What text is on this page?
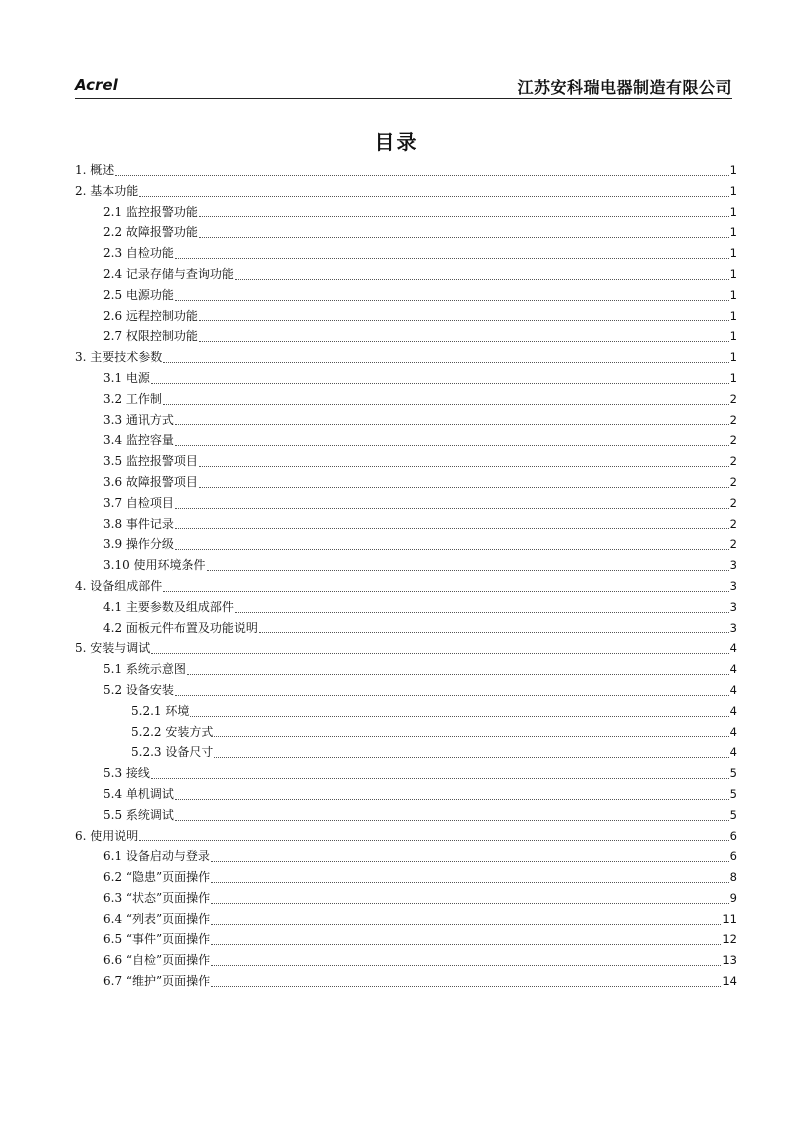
Acrel	江苏安科瑞电器制造有限公司
目录
1. 概述	1
2. 基本功能	1
2.1 监控报警功能	1
2.2 故障报警功能	1
2.3 自检功能	1
2.4 记录存储与查询功能	1
2.5 电源功能	1
2.6 远程控制功能	1
2.7 权限控制功能	1
3. 主要技术参数	1
3.1 电源	1
3.2 工作制	2
3.3 通讯方式	2
3.4 监控容量	2
3.5 监控报警项目	2
3.6 故障报警项目	2
3.7 自检项目	2
3.8 事件记录	2
3.9 操作分级	2
3.10 使用环境条件	3
4. 设备组成部件	3
4.1 主要参数及组成部件	3
4.2 面板元件布置及功能说明	3
5. 安装与调试	4
5.1 系统示意图	4
5.2 设备安装	4
5.2.1 环境	4
5.2.2 安装方式	4
5.2.3 设备尺寸	4
5.3 接线	5
5.4 单机调试	5
5.5 系统调试	5
6. 使用说明	6
6.1 设备启动与登录	6
6.2 “隐患”页面操作	8
6.3 “状态”页面操作	9
6.4 “列表”页面操作	11
6.5 “事件”页面操作	12
6.6 “自检”页面操作	13
6.7 “维护”页面操作	14
